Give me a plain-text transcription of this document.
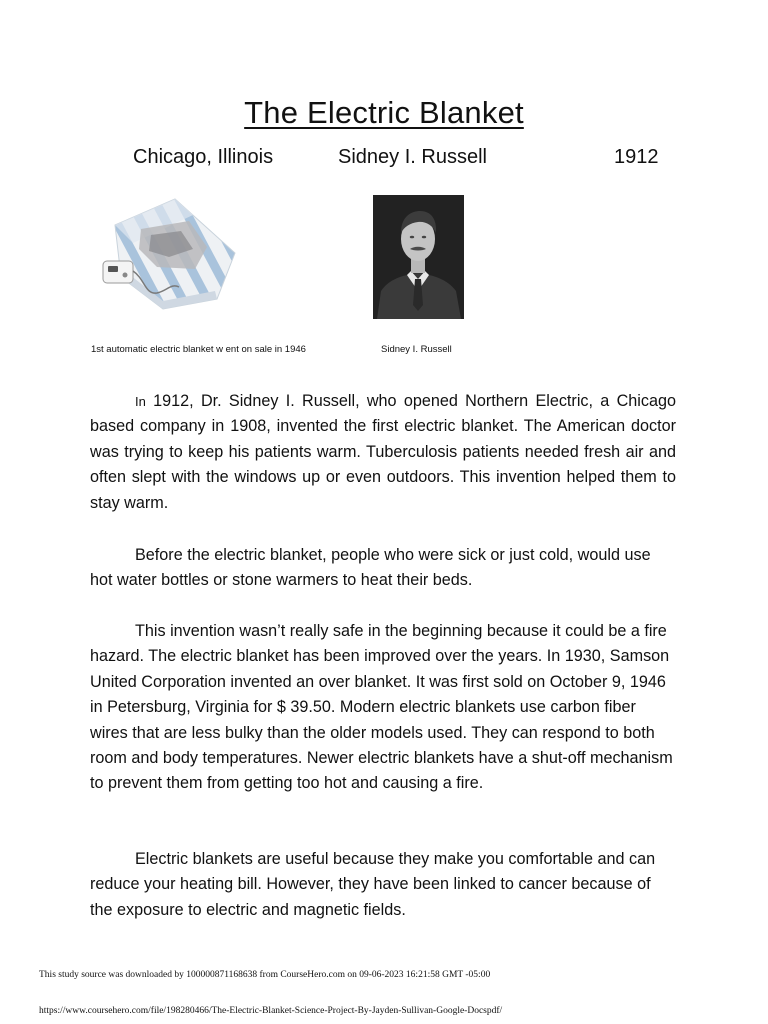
The Electric Blanket
Chicago, Illinois	Sidney I. Russell	1912
1st automatic electric blanket w ent on sale in 1946	Sidney I. Russell

In 1912, Dr. Sidney I. Russell, who opened Northern Electric, a Chicago based company in 1908, invented the first electric blanket. The American doctor was trying to keep his patients warm. Tuberculosis patients needed fresh air and often slept with the windows up or even outdoors. This invention helped them to stay warm.

Before the electric blanket, people who were sick or just cold, would use hot water bottles or stone warmers to heat their beds.

This invention wasn’t really safe in the beginning because it could be a fire hazard. The electric blanket has been improved over the years. In 1930, Samson United Corporation invented an over blanket. It was first sold on October 9, 1946 in Petersburg, Virginia for $ 39.50. Modern electric blankets use carbon fiber wires that are less bulky than the older models used. They can respond to both room and body temperatures. Newer electric blankets have a shut-off mechanism to prevent them from getting too hot and causing a fire.

Electric blankets are useful because they make you comfortable and can reduce your heating bill. However, they have been linked to cancer because of the exposure to electric and magnetic fields.

This study source was downloaded by 100000871168638 from CourseHero.com on 09-06-2023 16:21:58 GMT -05:00
https://www.coursehero.com/file/198280466/The-Electric-Blanket-Science-Project-By-Jayden-Sullivan-Google-Docspdf/
